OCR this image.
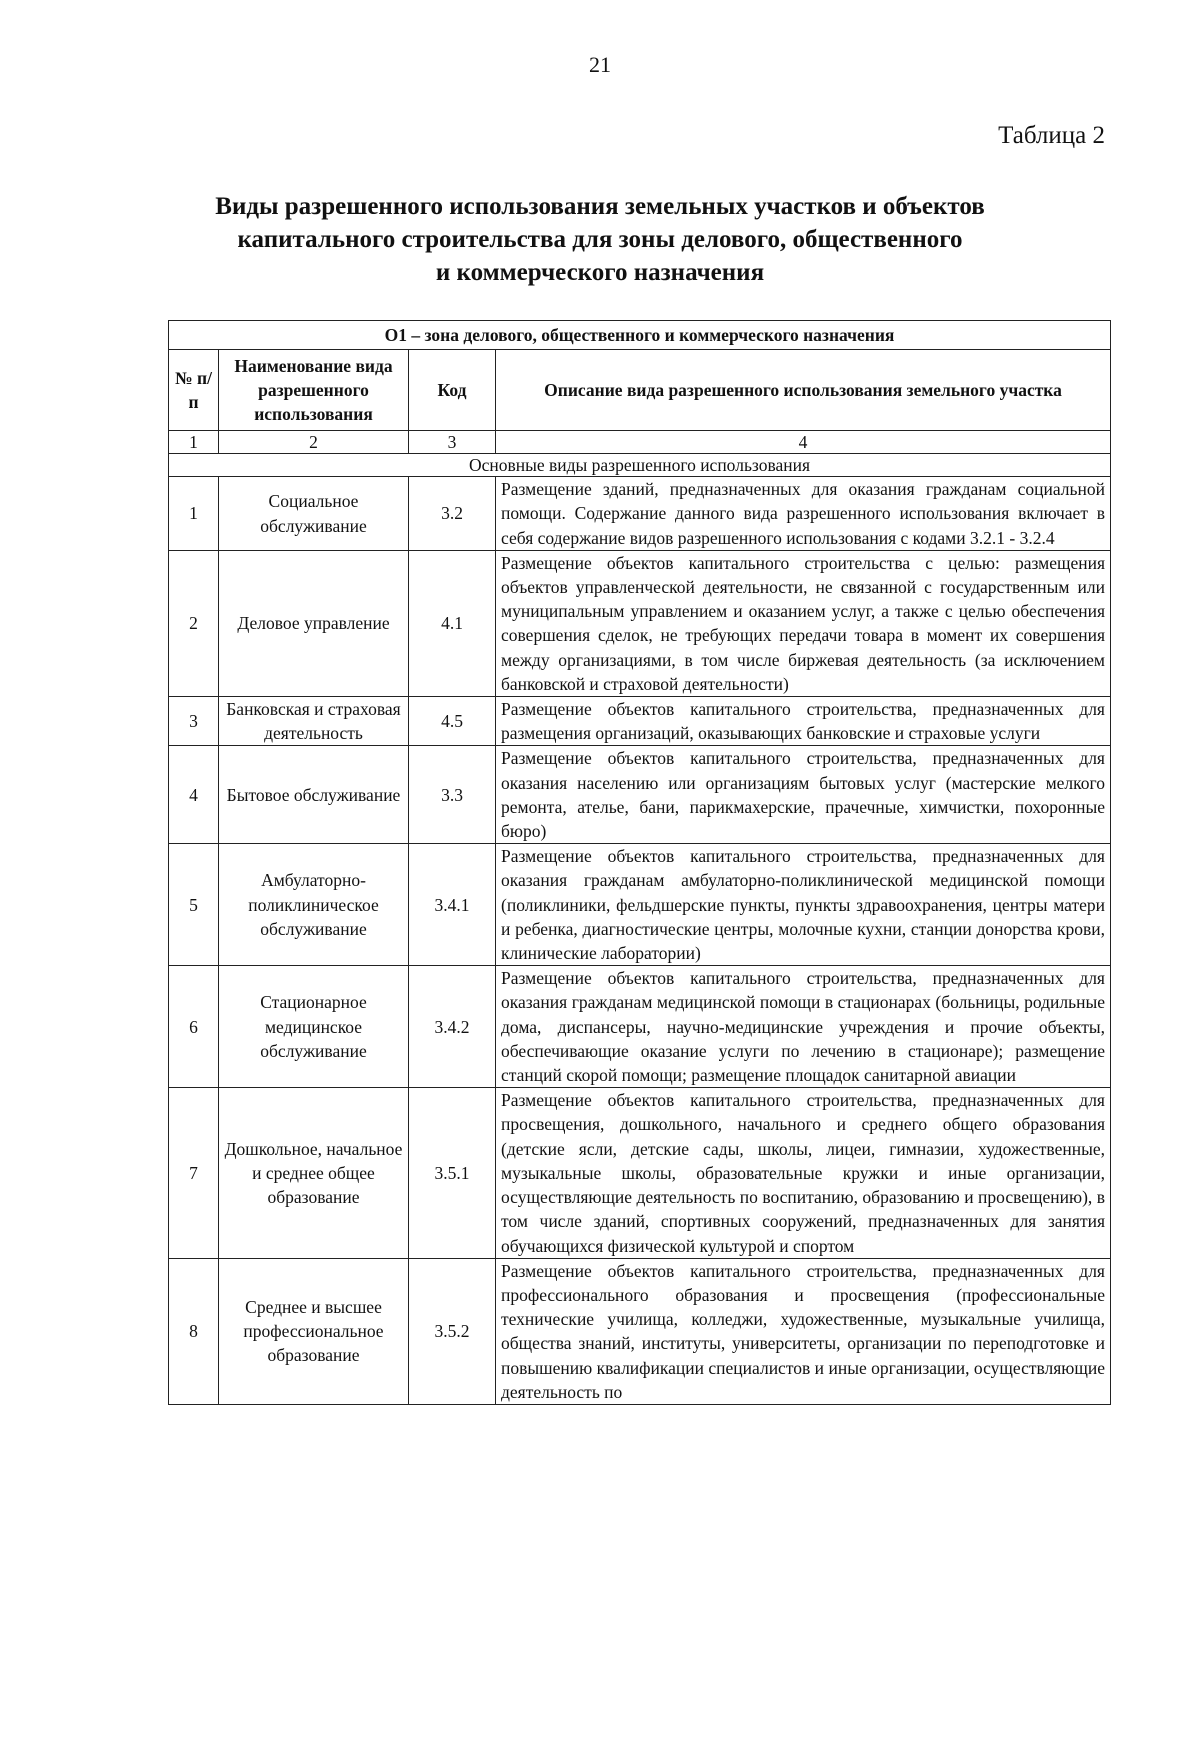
21
Таблица 2
Виды разрешенного использования земельных участков и объектов
капитального строительства для зоны делового, общественного
и коммерческого назначения
О1 – зона делового, общественного и коммерческого назначения			
№ п/п	Наименование вида разрешенного использования	Код	Описание вида разрешенного использования земельного участка
1	2	3	4
Основные виды разрешенного использования			
1	Социальное обслуживание	3.2	Размещение зданий, предназначенных для оказания гражданам социальной помощи. Содержание данного вида разрешенного использования включает в себя содержание видов разрешенного использования с кодами 3.2.1 - 3.2.4
2	Деловое управление	4.1	Размещение объектов капитального строительства с целью: размещения объектов управленческой деятельности, не связанной с государственным или муниципальным управлением и оказанием услуг, а также с целью обеспечения совершения сделок, не требующих передачи товара в момент их совершения между организациями, в том числе биржевая деятельность (за исключением банковской и страховой деятельности)
3	Банковская и страховая деятельность	4.5	Размещение объектов капитального строительства, предназначенных для размещения организаций, оказывающих банковские и страховые услуги
4	Бытовое обслуживание	3.3	Размещение объектов капитального строительства, предназначенных для оказания населению или организациям бытовых услуг (мастерские мелкого ремонта, ателье, бани, парикмахерские, прачечные, химчистки, похоронные бюро)
5	Амбулаторно-поликлиническое обслуживание	3.4.1	Размещение объектов капитального строительства, предназначенных для оказания гражданам амбулаторно-поликлинической медицинской помощи (поликлиники, фельдшерские пункты, пункты здравоохранения, центры матери и ребенка, диагностические центры, молочные кухни, станции донорства крови, клинические лаборатории)
6	Стационарное медицинское обслуживание	3.4.2	Размещение объектов капитального строительства, предназначенных для оказания гражданам медицинской помощи в стационарах (больницы, родильные дома, диспансеры, научно-медицинские учреждения и прочие объекты, обеспечивающие оказание услуги по лечению в стационаре); размещение станций скорой помощи; размещение площадок санитарной авиации
7	Дошкольное, начальное и среднее общее образование	3.5.1	Размещение объектов капитального строительства, предназначенных для просвещения, дошкольного, начального и среднего общего образования (детские ясли, детские сады, школы, лицеи, гимназии, художественные, музыкальные школы, образовательные кружки и иные организации, осуществляющие деятельность по воспитанию, образованию и просвещению), в том числе зданий, спортивных сооружений, предназначенных для занятия обучающихся физической культурой и спортом
8	Среднее и высшее профессиональное образование	3.5.2	Размещение объектов капитального строительства, предназначенных для профессионального образования и просвещения (профессиональные технические училища, колледжи, художественные, музыкальные училища, общества знаний, институты, университеты, организации по переподготовке и повышению квалификации специалистов и иные организации, осуществляющие деятельность по
